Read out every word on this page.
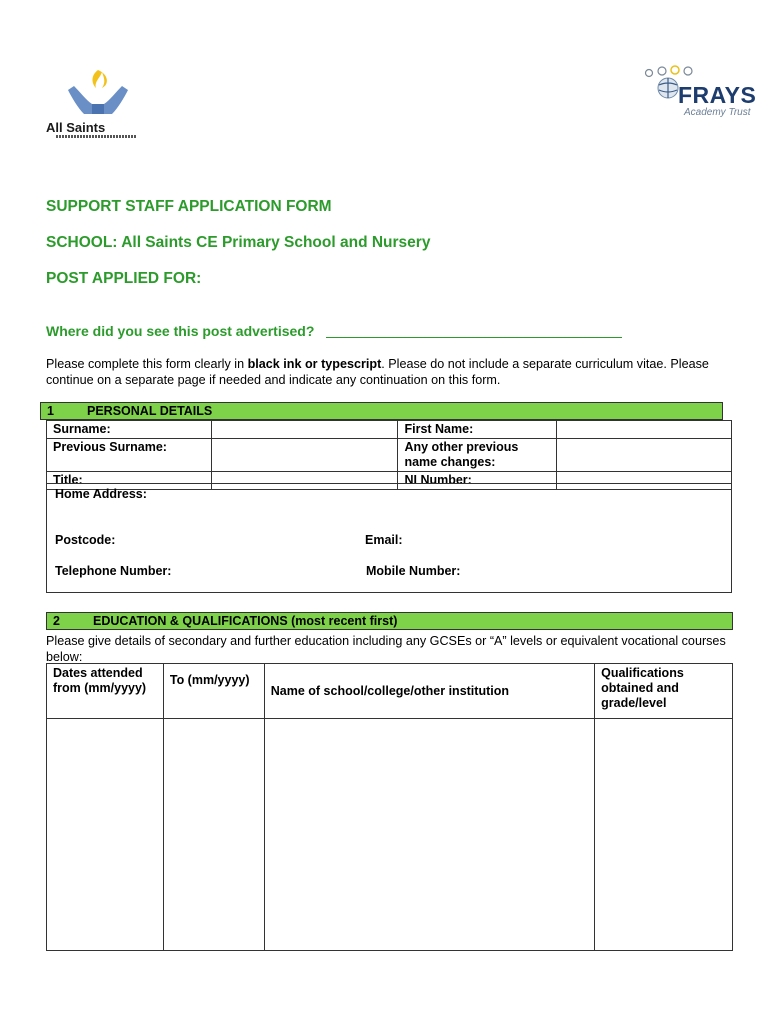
All Saints
FRAYS
Academy Trust
SUPPORT STAFF APPLICATION FORM
SCHOOL: All Saints CE Primary School and Nursery
POST APPLIED FOR:
Where did you see this post advertised?
Please complete this form clearly in black ink or typescript. Please do not include a separate curriculum vitae. Please continue on a separate page if needed and indicate any continuation on this form.
1	PERSONAL DETAILS
Surname:		First Name:	
Previous Surname:		Any other previous name changes:	
Title:		NI Number:	
Home Address:
Postcode:	Email:
Telephone Number:	Mobile Number:
2	EDUCATION & QUALIFICATIONS (most recent first)
Please give details of secondary and further education including any GCSEs or “A” levels or equivalent vocational courses below:
Dates attended from (mm/yyyy)	To (mm/yyyy)	Name of school/college/other institution	Qualifications obtained and grade/level
